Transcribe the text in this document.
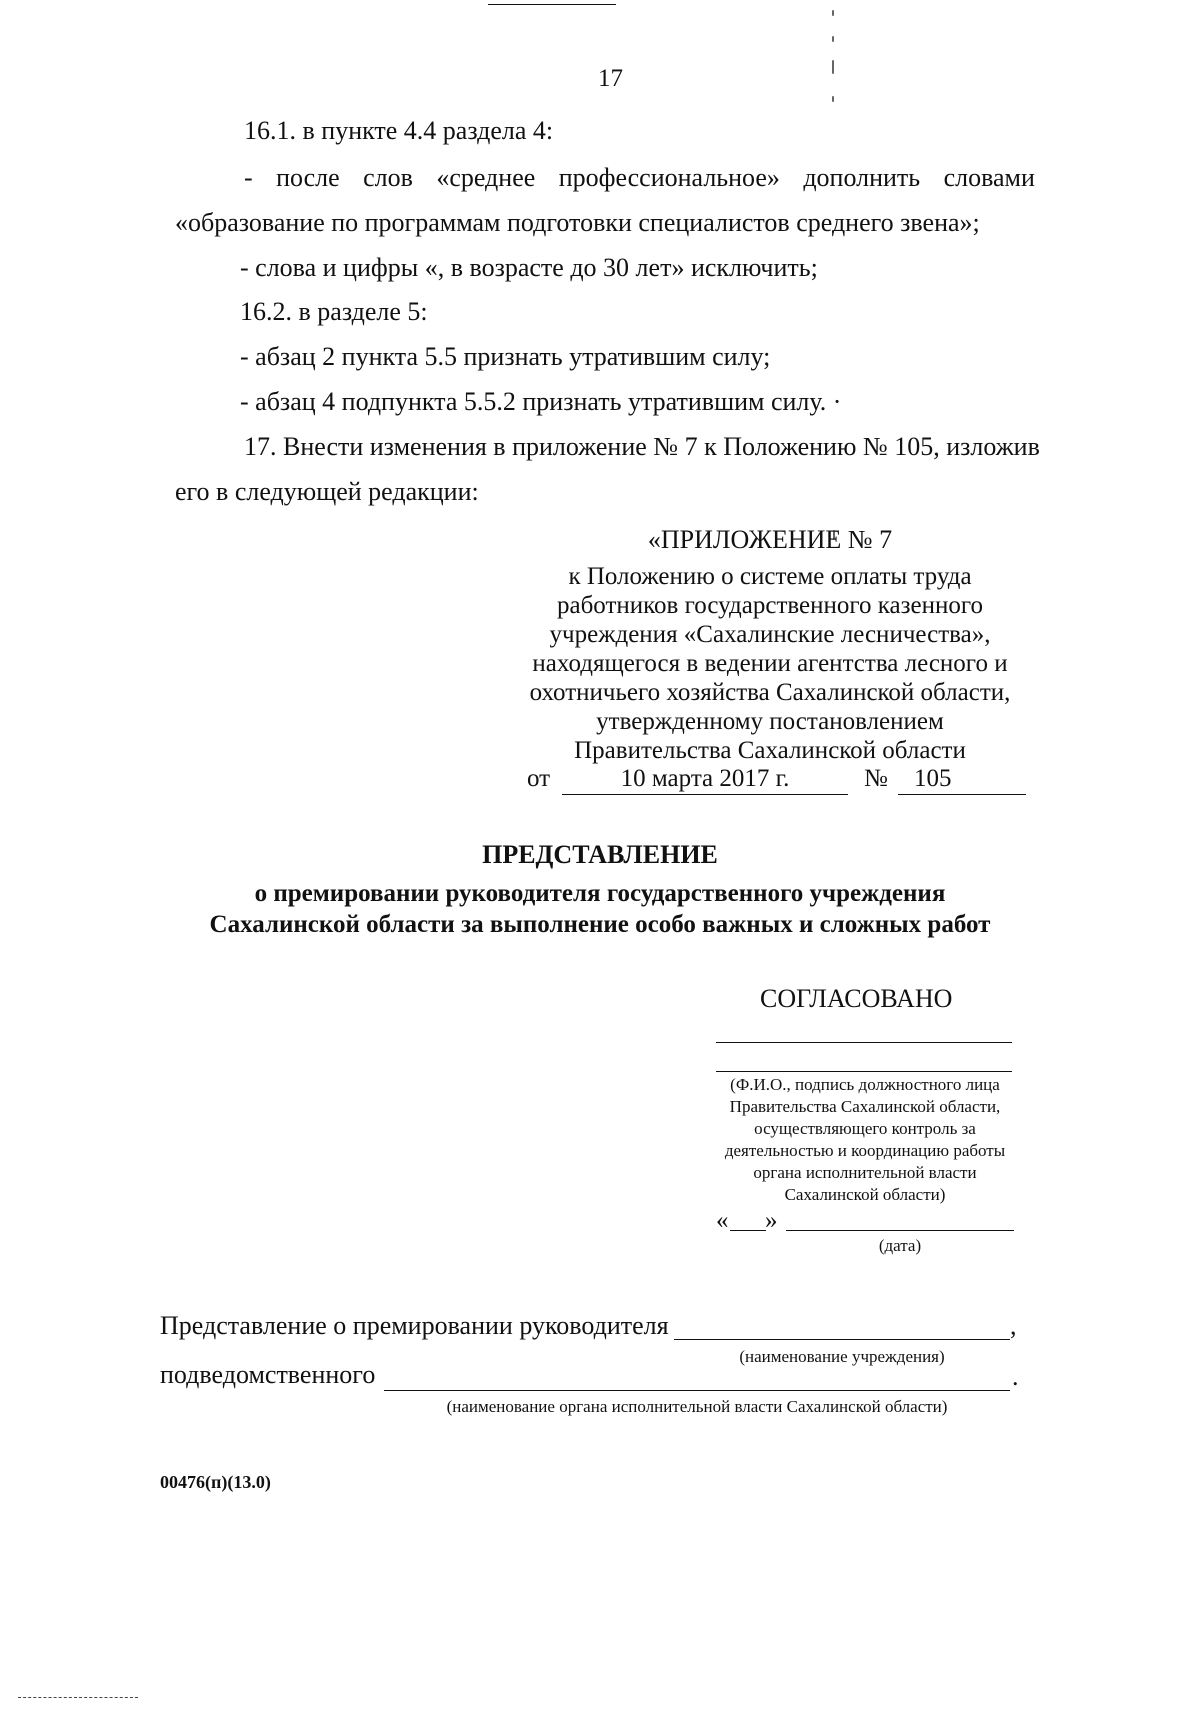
17
16.1. в пункте 4.4 раздела 4:
- после слов «среднее профессиональное» дополнить словами
«образование по программам подготовки специалистов среднего звена»;
- слова и цифры «, в возрасте до 30 лет» исключить;
16.2. в разделе 5:
- абзац 2 пункта 5.5 признать утратившим силу;
- абзац 4 подпункта 5.5.2 признать утратившим силу. ·
17. Внести изменения в приложение № 7 к Положению № 105, изложив
его в следующей редакции:
«ПРИЛОЖЕНИЕ № 7
к Положению о системе оплаты труда
работников государственного казенного
учреждения «Сахалинские лесничества»,
находящегося в ведении агентства лесного и
охотничьего хозяйства Сахалинской области,
утвержденному постановлением
Правительства Сахалинской области
от	10 марта 2017 г.	№	105
ПРЕДСТАВЛЕНИЕ
о премировании руководителя государственного учреждения
Сахалинской области за выполнение особо важных и сложных работ
СОГЛАСОВАНО
(Ф.И.О., подпись должностного лица
Правительства Сахалинской области,
осуществляющего контроль за
деятельностью и координацию работы
органа исполнительной власти
Сахалинской области)
« »
(дата)
Представление о премировании руководителя	,
(наименование учреждения)
подведомственного	.
(наименование органа исполнительной власти Сахалинской области)
00476(п)(13.0)
